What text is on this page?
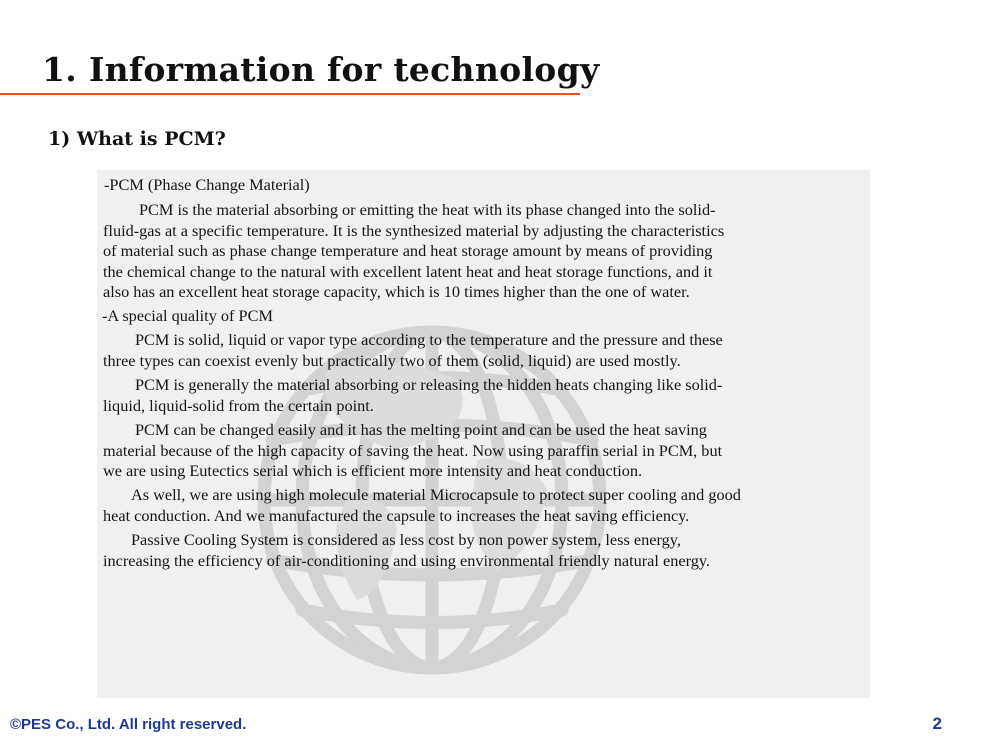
1. Information for technology
1) What is PCM?
-PCM (Phase Change Material)
PCM is the material absorbing or emitting the heat with its phase changed into the solid-
fluid-gas at a specific temperature. It is the synthesized material by adjusting the characteristics
of material such as phase change temperature and heat storage amount by means of providing
the chemical change to the natural with excellent latent heat and heat storage functions, and it
also has an excellent heat storage capacity, which is 10 times higher than the one of water.
-A special quality of PCM
PCM is solid, liquid or vapor type according to the temperature and the pressure and these
three types can coexist evenly but practically two of them (solid, liquid) are used mostly.
PCM is generally the material absorbing or releasing the hidden heats changing like solid-
liquid, liquid-solid from the certain point.
PCM can be changed easily and it has the melting point and can be used the heat saving
material because of the high capacity of saving the heat. Now using paraffin serial in PCM, but
we are using Eutectics serial which is efficient more intensity and heat conduction.
As well, we are using high molecule material Microcapsule to protect super cooling and good
heat conduction. And we manufactured the capsule to increases the heat saving efficiency.
Passive Cooling System is considered as less cost by non power system, less energy,
increasing the efficiency of air-conditioning and using environmental friendly natural energy.
©PES Co., Ltd. All right reserved.	2
